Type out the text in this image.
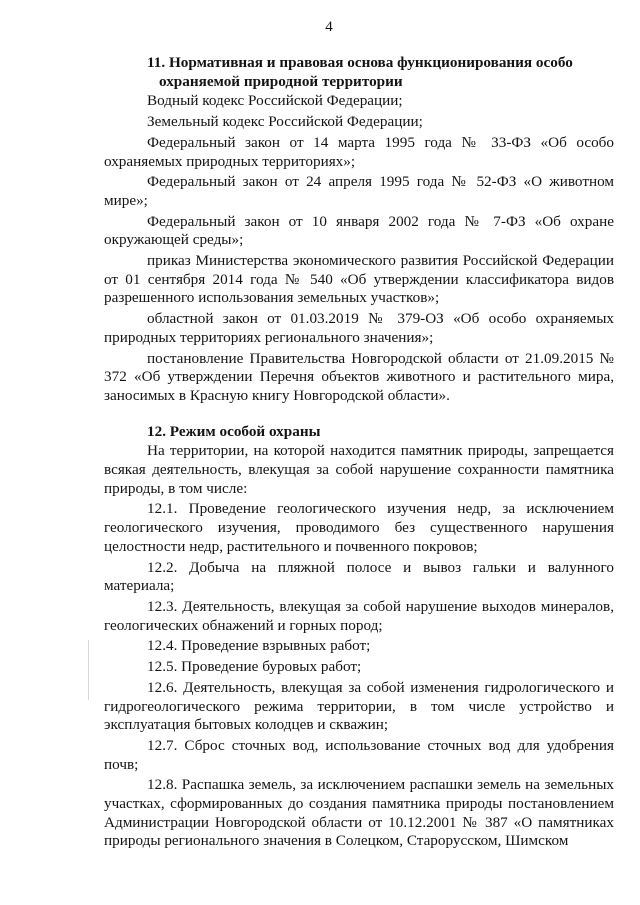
4

11. Нормативная и правовая основа функционирования особо
охраняемой природной территории

Водный кодекс Российской Федерации;

Земельный кодекс Российской Федерации;

Федеральный закон от 14 марта 1995 года № 33-ФЗ «Об особо охраняемых природных территориях»;

Федеральный закон от 24 апреля 1995 года № 52-ФЗ «О животном мире»;

Федеральный закон от 10 января 2002 года № 7-ФЗ «Об охране окружающей среды»;

приказ Министерства экономического развития Российской Федерации от 01 сентября 2014 года № 540 «Об утверждении классификатора видов разрешенного использования земельных участков»;

областной закон от 01.03.2019 № 379-ОЗ «Об особо охраняемых природных территориях регионального значения»;

постановление Правительства Новгородской области от 21.09.2015 № 372 «Об утверждении Перечня объектов животного и растительного мира, заносимых в Красную книгу Новгородской области».

12. Режим особой охраны

На территории, на которой находится памятник природы, запрещается всякая деятельность, влекущая за собой нарушение сохранности памятника природы, в том числе:

12.1. Проведение геологического изучения недр, за исключением геологического изучения, проводимого без существенного нарушения целостности недр, растительного и почвенного покровов;

12.2. Добыча на пляжной полосе и вывоз гальки и валунного материала;

12.3. Деятельность, влекущая за собой нарушение выходов минералов, геологических обнажений и горных пород;

12.4. Проведение взрывных работ;

12.5. Проведение буровых работ;

12.6. Деятельность, влекущая за собой изменения гидрологического и гидрогеологического режима территории, в том числе устройство и эксплуатация бытовых колодцев и скважин;

12.7. Сброс сточных вод, использование сточных вод для удобрения почв;

12.8. Распашка земель, за исключением распашки земель на земельных участках, сформированных до создания памятника природы постановлением Администрации Новгородской области от 10.12.2001 № 387 «О памятниках природы регионального значения в Солецком, Старорусском, Шимском
